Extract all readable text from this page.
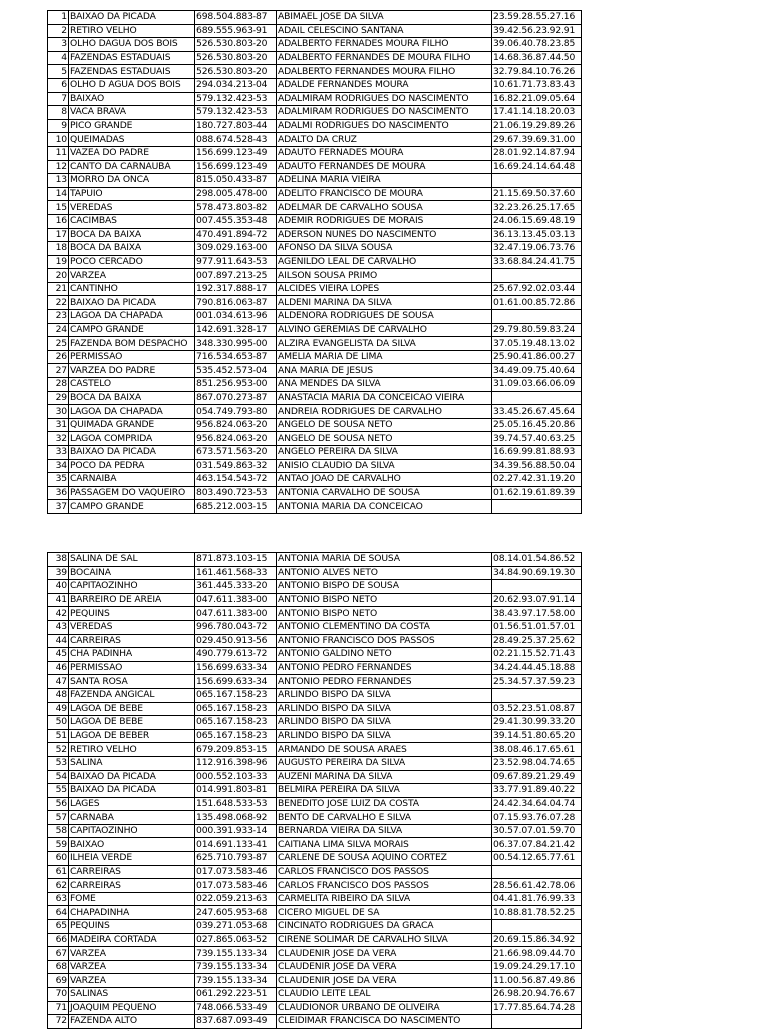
1	BAIXAO DA PICADA	698.504.883-87	ABIMAEL JOSE DA SILVA	23.59.28.55.27.16
2	RETIRO VELHO	689.555.963-91	ADAIL CELESCINO SANTANA	39.42.56.23.92.91
3	OLHO DAGUA DOS BOIS	526.530.803-20	ADALBERTO FERNADES MOURA FILHO	39.06.40.78.23.85
4	FAZENDAS ESTADUAIS	526.530.803-20	ADALBERTO FERNANDES DE MOURA FILHO	14.68.36.87.44.50
5	FAZENDAS ESTADUAIS	526.530.803-20	ADALBERTO FERNANDES MOURA FILHO	32.79.84.10.76.26
6	OLHO D AGUA DOS BOIS	294.034.213-04	ADALDE FERNANDES MOURA	10.61.71.73.83.43
7	BAIXAO	579.132.423-53	ADALMIRAM RODRIGUES DO NASCIMENTO	16.82.21.09.05.64
8	VACA BRAVA	579.132.423-53	ADALMIRAM RODRIGUES DO NASCIMENTO	17.41.14.18.20.03
9	PICO GRANDE	180.727.803-44	ADALMI RODRIGUES DO NASCIMENTO	21.06.19.29.89.26
10	QUEIMADAS	088.674.528-43	ADALTO DA CRUZ	29.67.39.69.31.00
11	VAZEA DO PADRE	156.699.123-49	ADAUTO FERNADES MOURA	28.01.92.14.87.94
12	CANTO DA CARNAUBA	156.699.123-49	ADAUTO FERNANDES DE MOURA	16.69.24.14.64.48
13	MORRO DA ONCA	815.050.433-87	ADELINA MARIA VIEIRA	
14	TAPUIO	298.005.478-00	ADELITO FRANCISCO DE MOURA	21.15.69.50.37.60
15	VEREDAS	578.473.803-82	ADELMAR DE CARVALHO SOUSA	32.23.26.25.17.65
16	CACIMBAS	007.455.353-48	ADEMIR RODRIGUES DE MORAIS	24.06.15.69.48.19
17	BOCA DA BAIXA	470.491.894-72	ADERSON NUNES DO NASCIMENTO	36.13.13.45.03.13
18	BOCA DA BAIXA	309.029.163-00	AFONSO DA SILVA SOUSA	32.47.19.06.73.76
19	POCO CERCADO	977.911.643-53	AGENILDO LEAL DE CARVALHO	33.68.84.24.41.75
20	VARZEA	007.897.213-25	AILSON SOUSA PRIMO	
21	CANTINHO	192.317.888-17	ALCIDES VIEIRA LOPES	25.67.92.02.03.44
22	BAIXAO DA PICADA	790.816.063-87	ALDENI MARINA DA SILVA	01.61.00.85.72.86
23	LAGOA DA CHAPADA	001.034.613-96	ALDENORA RODRIGUES DE SOUSA	
24	CAMPO GRANDE	142.691.328-17	ALVINO GEREMIAS DE CARVALHO	29.79.80.59.83.24
25	FAZENDA BOM DESPACHO	348.330.995-00	ALZIRA EVANGELISTA DA SILVA	37.05.19.48.13.02
26	PERMISSAO	716.534.653-87	AMELIA MARIA DE LIMA	25.90.41.86.00.27
27	VARZEA DO PADRE	535.452.573-04	ANA MARIA DE JESUS	34.49.09.75.40.64
28	CASTELO	851.256.953-00	ANA MENDES DA SILVA	31.09.03.66.06.09
29	BOCA DA BAIXA	867.070.273-87	ANASTACIA MARIA DA CONCEICAO VIEIRA	
30	LAGOA DA CHAPADA	054.749.793-80	ANDREIA RODRIGUES DE CARVALHO	33.45.26.67.45.64
31	QUIMADA GRANDE	956.824.063-20	ANGELO DE SOUSA NETO	25.05.16.45.20.86
32	LAGOA COMPRIDA	956.824.063-20	ANGELO DE SOUSA NETO	39.74.57.40.63.25
33	BAIXAO DA PICADA	673.571.563-20	ANGELO PEREIRA DA SILVA	16.69.99.81.88.93
34	POCO DA PEDRA	031.549.863-32	ANISIO CLAUDIO DA SILVA	34.39.56.88.50.04
35	CARNAIBA	463.154.543-72	ANTAO JOAO DE CARVALHO	02.27.42.31.19.20
36	PASSAGEM DO VAQUEIRO	803.490.723-53	ANTONIA CARVALHO DE SOUSA	01.62.19.61.89.39
37	CAMPO GRANDE	685.212.003-15	ANTONIA MARIA DA CONCEICAO	
38	SALINA DE SAL	871.873.103-15	ANTONIA MARIA DE SOUSA	08.14.01.54.86.52
39	BOCAINA	161.461.568-33	ANTONIO ALVES NETO	34.84.90.69.19.30
40	CAPITAOZINHO	361.445.333-20	ANTONIO BISPO DE SOUSA	
41	BARREIRO DE AREIA	047.611.383-00	ANTONIO BISPO NETO	20.62.93.07.91.14
42	PEQUINS	047.611.383-00	ANTONIO BISPO NETO	38.43.97.17.58.00
43	VEREDAS	996.780.043-72	ANTONIO CLEMENTINO DA COSTA	01.56.51.01.57.01
44	CARREIRAS	029.450.913-56	ANTONIO FRANCISCO DOS PASSOS	28.49.25.37.25.62
45	CHA PADINHA	490.779.613-72	ANTONIO GALDINO NETO	02.21.15.52.71.43
46	PERMISSAO	156.699.633-34	ANTONIO PEDRO FERNANDES	34.24.44.45.18.88
47	SANTA ROSA	156.699.633-34	ANTONIO PEDRO FERNANDES	25.34.57.37.59.23
48	FAZENDA ANGICAL	065.167.158-23	ARLINDO BISPO DA SILVA	
49	LAGOA DE BEBE	065.167.158-23	ARLINDO BISPO DA SILVA	03.52.23.51.08.87
50	LAGOA DE BEBE	065.167.158-23	ARLINDO BISPO DA SILVA	29.41.30.99.33.20
51	LAGOA DE BEBER	065.167.158-23	ARLINDO BISPO DA SILVA	39.14.51.80.65.20
52	RETIRO VELHO	679.209.853-15	ARMANDO DE SOUSA ARAES	38.08.46.17.65.61
53	SALINA	112.916.398-96	AUGUSTO PEREIRA DA SILVA	23.52.98.04.74.65
54	BAIXAO DA PICADA	000.552.103-33	AUZENI MARINA DA SILVA	09.67.89.21.29.49
55	BAIXAO DA PICADA	014.991.803-81	BELMIRA PEREIRA DA SILVA	33.77.91.89.40.22
56	LAGES	151.648.533-53	BENEDITO JOSE LUIZ DA COSTA	24.42.34.64.04.74
57	CARNABA	135.498.068-92	BENTO DE CARVALHO E SILVA	07.15.93.76.07.28
58	CAPITAOZINHO	000.391.933-14	BERNARDA VIEIRA DA SILVA	30.57.07.01.59.70
59	BAIXAO	014.691.133-41	CAITIANA LIMA SILVA MORAIS	06.37.07.84.21.42
60	ILHEIA VERDE	625.710.793-87	CARLENE DE SOUSA AQUINO CORTEZ	00.54.12.65.77.61
61	CARREIRAS	017.073.583-46	CARLOS FRANCISCO DOS PASSOS	
62	CARREIRAS	017.073.583-46	CARLOS FRANCISCO DOS PASSOS	28.56.61.42.78.06
63	FOME	022.059.213-63	CARMELITA RIBEIRO DA SILVA	04.41.81.76.99.33
64	CHAPADINHA	247.605.953-68	CICERO MIGUEL DE SA	10.88.81.78.52.25
65	PEQUINS	039.271.053-68	CINCINATO RODRIGUES DA GRACA	
66	MADEIRA CORTADA	027.865.063-52	CIRENE SOLIMAR DE CARVALHO SILVA	20.69.15.86.34.92
67	VARZEA	739.155.133-34	CLAUDENIR JOSE DA VERA	21.66.98.09.44.70
68	VARZEA	739.155.133-34	CLAUDENIR JOSE DA VERA	19.09.24.29.17.10
69	VARZEA	739.155.133-34	CLAUDENIR JOSE DA VERA	11.00.56.87.49.86
70	SALINAS	061.292.223-51	CLAUDIO LEITE LEAL	26.98.20.94.76.67
71	JOAQUIM PEQUENO	748.066.533-49	CLAUDIONOR URBANO DE OLIVEIRA	17.77.85.64.74.28
72	FAZENDA ALTO	837.687.093-49	CLEIDIMAR FRANCISCA DO NASCIMENTO	
